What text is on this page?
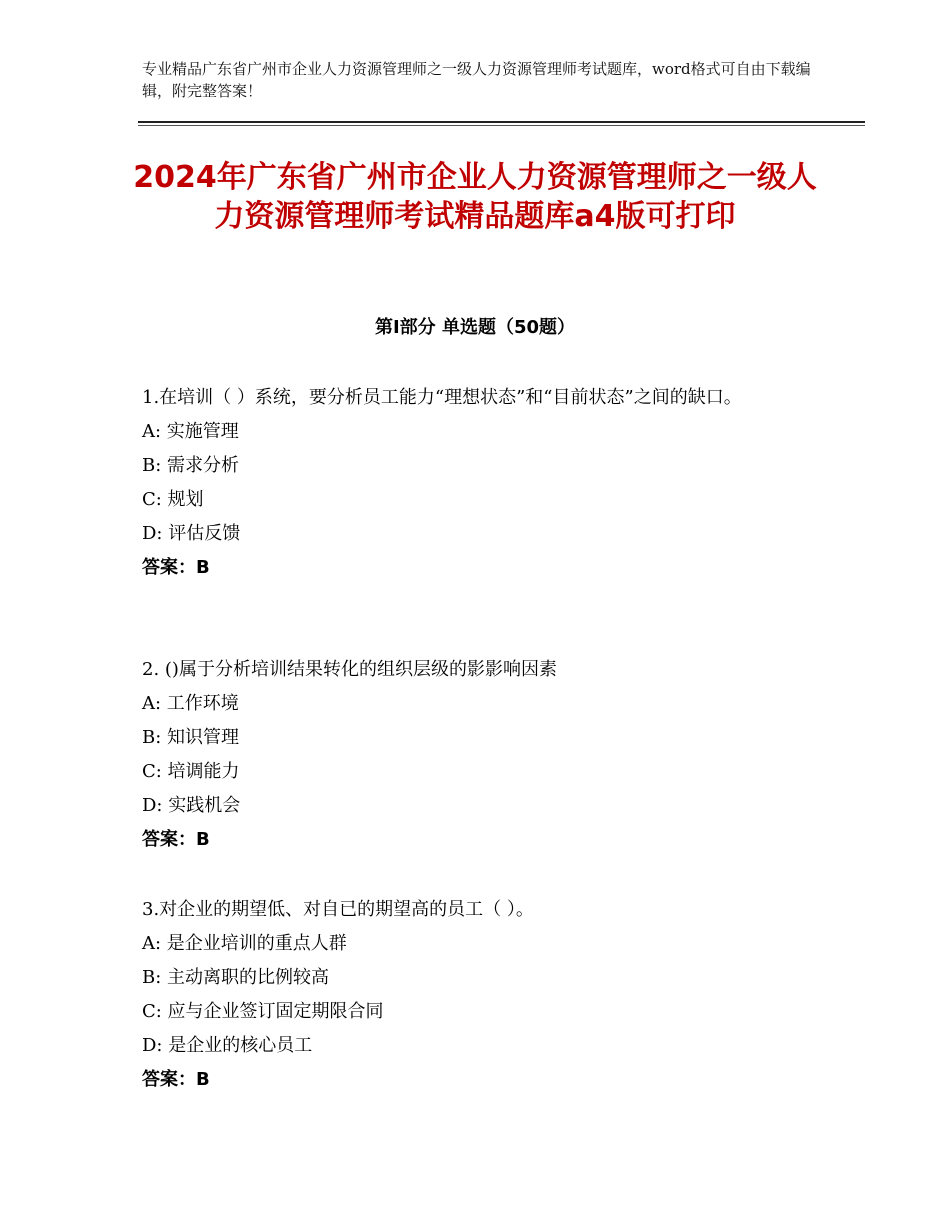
专业精品广东省广州市企业人力资源管理师之一级人力资源管理师考试题库，word格式可自由下载编辑，附完整答案！

2024年广东省广州市企业人力资源管理师之一级人力资源管理师考试精品题库a4版可打印
第Ⅰ部分 单选题（50题）

1.在培训（ ）系统，要分析员工能力“理想状态”和“目前状态”之间的缺口。

A: 实施管理

B: 需求分析

C: 规划

D: 评估反馈

答案：B

2. ()属于分析培训结果转化的组织层级的影影响因素

A: 工作环境

B: 知识管理

C: 培调能力

D: 实践机会

答案：B

3.对企业的期望低、对自已的期望高的员工（ ）。

A: 是企业培训的重点人群

B: 主动离职的比例较高

C: 应与企业签订固定期限合同

D: 是企业的核心员工

答案：B
